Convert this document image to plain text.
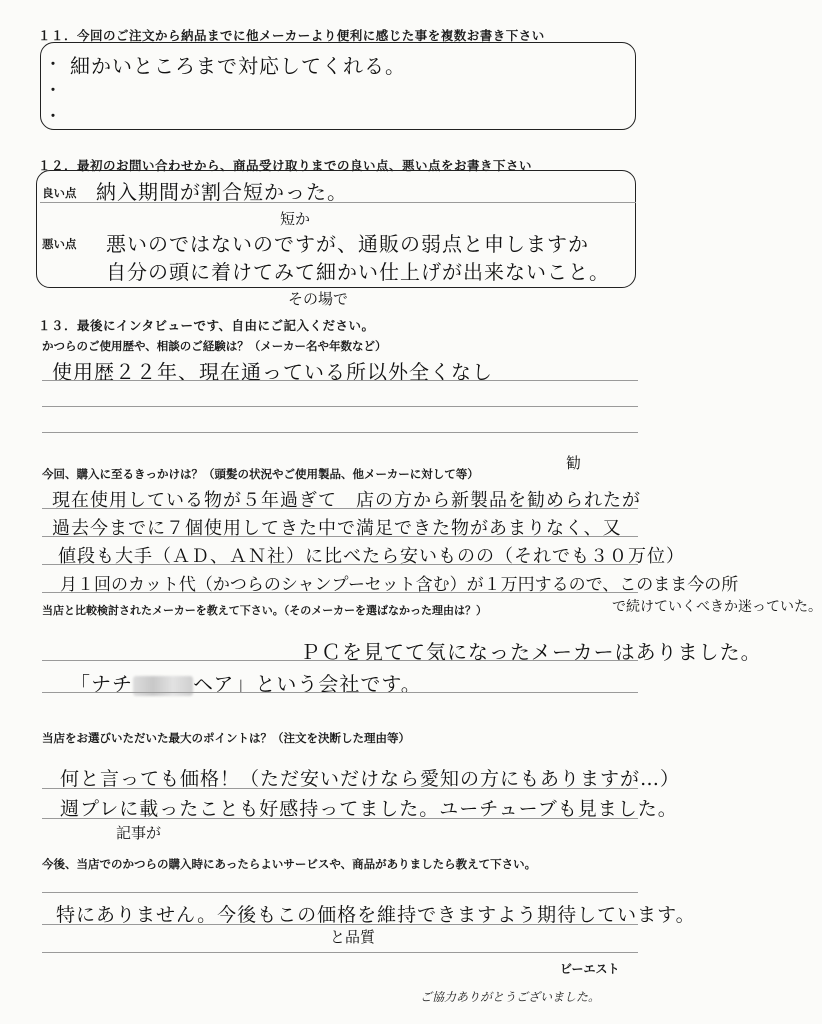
１１．今回のご注文から納品までに他メーカーより便利に感じた事を複数お書き下さい
・
・
・
細かいところまで対応してくれる。
１２．最初のお問い合わせから、商品受け取りまでの良い点、悪い点をお書き下さい
良い点
悪い点
納入期間が割合短かった。
短か
悪いのではないのですが、通販の弱点と申しますか
自分の頭に着けてみて細かい仕上げが出来ないこと。
その場で
１３．最後にインタビューです、自由にご記入ください。
かつらのご使用歴や、相談のご経験は？（メーカー名や年数など）
使用歴２２年、現在通っている所以外全くなし
今回、購入に至るきっかけは？（頭髪の状況やご使用製品、他メーカーに対して等）
勧
現在使用している物が５年過ぎて　店の方から新製品を勧められたが
過去今までに７個使用してきた中で満足できた物があまりなく、又
値段も大手（ＡＤ、ＡＮ社）に比べたら安いものの（それでも３０万位）
月１回のカット代（かつらのシャンプーセット含む）が１万円するので、このまま今の所
で続けていくべきか迷っていた。
当店と比較検討されたメーカーを教えて下さい。（そのメーカーを選ばなかった理由は？）
ＰＣを見てて気になったメーカーはありました。
「ナチ	ヘア」という会社です。
当店をお選びいただいた最大のポイントは？（注文を決断した理由等）
何と言っても価格！（ただ安いだけなら愛知の方にもありますが…）
週プレに載ったことも好感持ってました。ユーチューブも見ました。
記事が
今後、当店でのかつらの購入時にあったらよいサービスや、商品がありましたら教えて下さい。
特にありません。今後もこの価格を維持できますよう期待しています。
と品質
ビーエスト
ご協力ありがとうございました。
